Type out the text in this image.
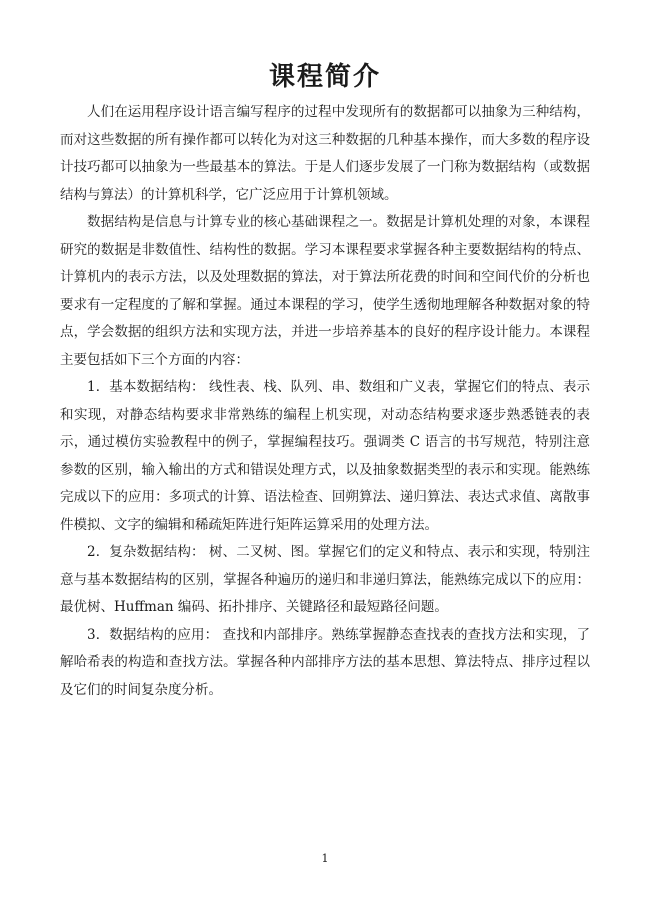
课程简介

人们在运用程序设计语言编写程序的过程中发现所有的数据都可以抽象为三种结构，而对这些数据的所有操作都可以转化为对这三种数据的几种基本操作，而大多数的程序设计技巧都可以抽象为一些最基本的算法。于是人们逐步发展了一门称为数据结构（或数据结构与算法）的计算机科学，它广泛应用于计算机领域。

数据结构是信息与计算专业的核心基础课程之一。数据是计算机处理的对象，本课程研究的数据是非数值性、结构性的数据。学习本课程要求掌握各种主要数据结构的特点、计算机内的表示方法，以及处理数据的算法，对于算法所花费的时间和空间代价的分析也要求有一定程度的了解和掌握。通过本课程的学习，使学生透彻地理解各种数据对象的特点，学会数据的组织方法和实现方法，并进一步培养基本的良好的程序设计能力。本课程主要包括如下三个方面的内容：

1．基本数据结构： 线性表、栈、队列、串、数组和广义表，掌握它们的特点、表示和实现，对静态结构要求非常熟练的编程上机实现，对动态结构要求逐步熟悉链表的表示，通过模仿实验教程中的例子，掌握编程技巧。强调类 C 语言的书写规范，特别注意参数的区别，输入输出的方式和错误处理方式，以及抽象数据类型的表示和实现。能熟练完成以下的应用：多项式的计算、语法检查、回朔算法、递归算法、表达式求值、离散事件模拟、文字的编辑和稀疏矩阵进行矩阵运算采用的处理方法。

2．复杂数据结构： 树、二叉树、图。掌握它们的定义和特点、表示和实现，特别注意与基本数据结构的区别，掌握各种遍历的递归和非递归算法，能熟练完成以下的应用：最优树、Huffman 编码、拓扑排序、关键路径和最短路径问题。

3．数据结构的应用： 查找和内部排序。熟练掌握静态查找表的查找方法和实现，了解哈希表的构造和查找方法。掌握各种内部排序方法的基本思想、算法特点、排序过程以及它们的时间复杂度分析。

1
